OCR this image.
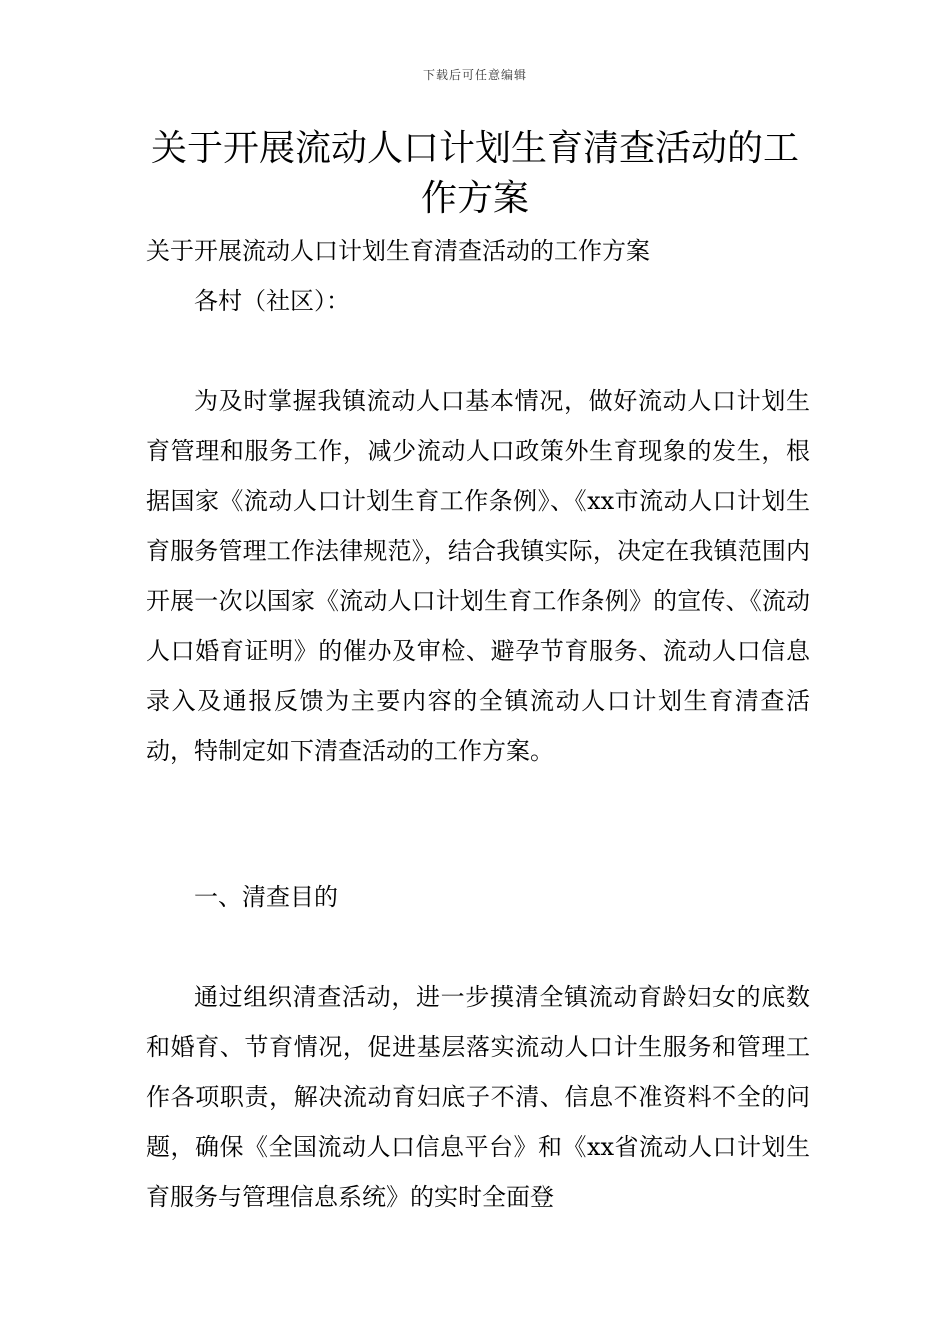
下载后可任意编辑
关于开展流动人口计划生育清查活动的工作方案

关于开展流动人口计划生育清查活动的工作方案

各村（社区）：

为及时掌握我镇流动人口基本情况，做好流动人口计划生育管理和服务工作，减少流动人口政策外生育现象的发生，根据国家《流动人口计划生育工作条例》、《xx市流动人口计划生育服务管理工作法律规范》，结合我镇实际，决定在我镇范围内开展一次以国家《流动人口计划生育工作条例》的宣传、《流动人口婚育证明》的催办及审检、避孕节育服务、流动人口信息录入及通报反馈为主要内容的全镇流动人口计划生育清查活动，特制定如下清查活动的工作方案。

一、清查目的

通过组织清查活动，进一步摸清全镇流动育龄妇女的底数和婚育、节育情况，促进基层落实流动人口计生服务和管理工作各项职责，解决流动育妇底子不清、信息不准资料不全的问题，确保《全国流动人口信息平台》和《xx省流动人口计划生育服务与管理信息系统》的实时全面登
